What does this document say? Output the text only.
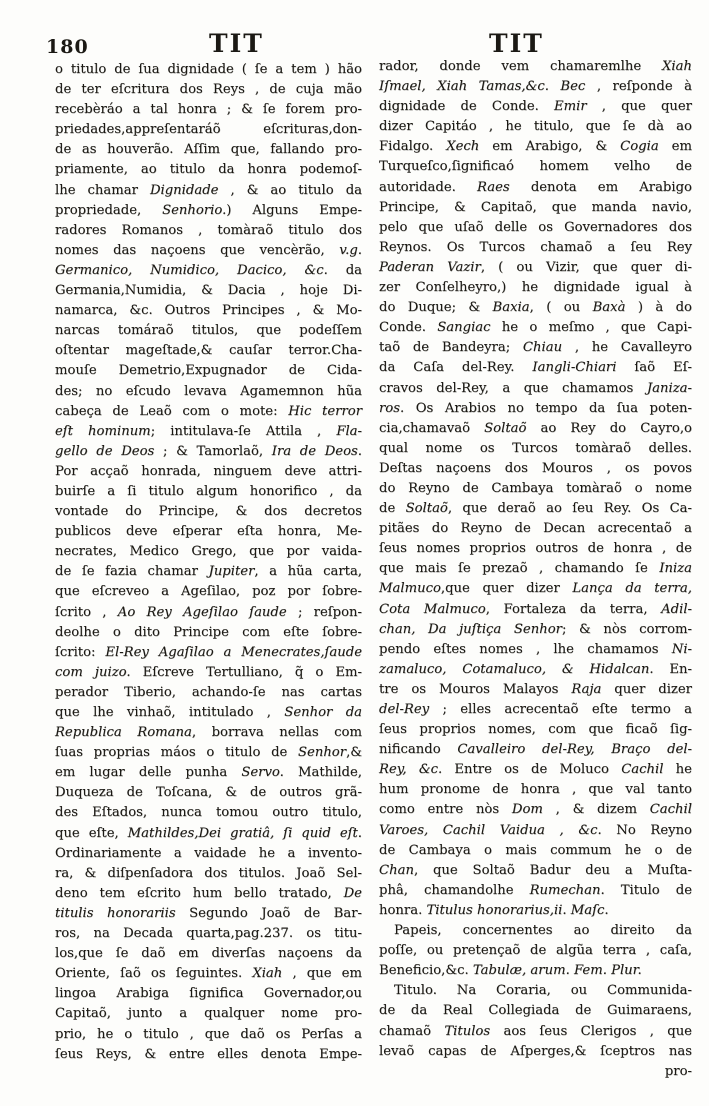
180	TIT	TIT
o titulo de ſua dignidade ( ſe a tem ) hão
de ter eſcritura dos Reys , de cuja mão
recebèráo a tal honra ; & ſe forem pro-
priedades,appreſentaráõ eſcrituras,don-
de as houverão. Aſſim que, fallando pro-
priamente, ao titulo da honra podemoſ-
lhe chamar Dignidade , & ao titulo da
propriedade, Senhorio.) Alguns Empe-
radores Romanos , tomàraõ titulo dos
nomes das naçoens que vencèrão, v.g.
Germanico, Numidico, Dacico, &c. da
Germania,Numidia, & Dacia , hoje Di-
namarca, &c. Outros Principes , & Mo-
narcas tomáraõ titulos, que podeſſem
oſtentar mageſtade,& cauſar terror.Cha-
mouſe Demetrio,Expugnador de Cida-
des; no eſcudo levava Agamemnon hũa
cabeça de Leaõ com o mote: Hic terror
eſt hominum; intitulava-ſe Attila , Fla-
gello de Deos ; & Tamorlaõ, Ira de Deos.
Por acçaõ honrada, ninguem deve attri-
buirſe a ſi titulo algum honorifico , da
vontade do Principe, & dos decretos
publicos deve eſperar eſta honra, Me-
necrates, Medico Grego, que por vaida-
de ſe fazia chamar Jupiter, a hũa carta,
que eſcreveo a Ageſilao, poz por ſobre-
ſcrito , Ao Rey Ageſilao ſaude ; reſpon-
deolhe o dito Principe com eſte ſobre-
ſcrito: El-Rey Agaſilao a Menecrates,ſaude
com juizo. Eſcreve Tertulliano, q̃ o Em-
perador Tiberio, achando-ſe nas cartas
que lhe vinhaõ, intitulado , Senhor da
Republica Romana, borrava nellas com
ſuas proprias máos o titulo de Senhor,&
em lugar delle punha Servo. Mathilde,
Duqueza de Toſcana, & de outros grã-
des Eſtados, nunca tomou outro titulo,
que eſte, Mathildes,Dei gratiâ, ſi quid eſt.
Ordinariamente a vaidade he a invento-
ra, & diſpenſadora dos titulos. Joaõ Sel-
deno tem eſcrito hum bello tratado, De
titulis honorariis Segundo Joaõ de Bar-
ros, na Decada quarta,pag.237. os titu-
los,que ſe daõ em diverſas naçoens da
Oriente, ſaõ os ſeguintes. Xiah , que em
lingoa Arabiga ſignifica Governador,ou
Capitaõ, junto a qualquer nome pro-
prio, he o titulo , que daõ os Perſas a
ſeus Reys, & entre elles denota Empe-
rador, donde vem chamaremlhe Xiah
Iſmael, Xiah Tamas,&c. Bec , reſponde à
dignidade de Conde. Emir , que quer
dizer Capitáo , he titulo, que ſe dà ao
Fidalgo. Xech em Arabigo, & Cogia em
Turqueſco,ſignificaó homem velho de
autoridade. Raes denota em Arabigo
Principe, & Capitaõ, que manda navio,
pelo que uſaõ delle os Governadores dos
Reynos. Os Turcos chamaõ a ſeu Rey
Paderan Vazir, ( ou Vizir, que quer di-
zer Conſelheyro,) he dignidade igual à
do Duque; & Baxia, ( ou Baxà ) à do
Conde. Sangiac he o meſmo , que Capi-
taõ de Bandeyra; Chiau , he Cavalleyro
da Caſa del-Rey. Iangli-Chiari ſaõ Eſ-
cravos del-Rey, a que chamamos Janiza-
ros. Os Arabios no tempo da ſua poten-
cia,chamavaõ Soltaõ ao Rey do Cayro,o
qual nome os Turcos tomàraõ delles.
Deſtas naçoens dos Mouros , os povos
do Reyno de Cambaya tomàraõ o nome
de Soltaõ, que deraõ ao ſeu Rey. Os Ca-
pitães do Reyno de Decan acrecentaõ a
ſeus nomes proprios outros de honra , de
que mais ſe prezaõ , chamando ſe Iniza
Malmuco,que quer dizer Lança da terra,
Cota Malmuco, Fortaleza da terra, Adil-
chan, Da juſtiça Senhor; & nòs corrom-
pendo eſtes nomes , lhe chamamos Ni-
zamaluco, Cotamaluco, & Hidalcan. En-
tre os Mouros Malayos Raja quer dizer
del-Rey ; elles acrecentaõ eſte termo a
ſeus proprios nomes, com que ficaõ ſig-
nificando Cavalleiro del-Rey, Braço del-
Rey, &c. Entre os de Moluco Cachil he
hum pronome de honra , que val tanto
como entre nòs Dom , & dizem Cachil
Varoes, Cachil Vaidua , &c. No Reyno
de Cambaya o mais commum he o de
Chan, que Soltaõ Badur deu a Muſta-
phâ, chamandolhe Rumechan. Titulo de
honra. Titulus honorarius,ii. Maſc.
Papeis, concernentes ao direito da
poſſe, ou pretençaõ de algũa terra , caſa,
Beneficio,&c. Tabulæ, arum. Fem. Plur.
Titulo. Na Coraria, ou Communida-
de da Real Collegiada de Guimaraens,
chamaõ Titulos aos ſeus Clerigos , que
levaõ capas de Aſperges,& ſceptros nas
pro-
